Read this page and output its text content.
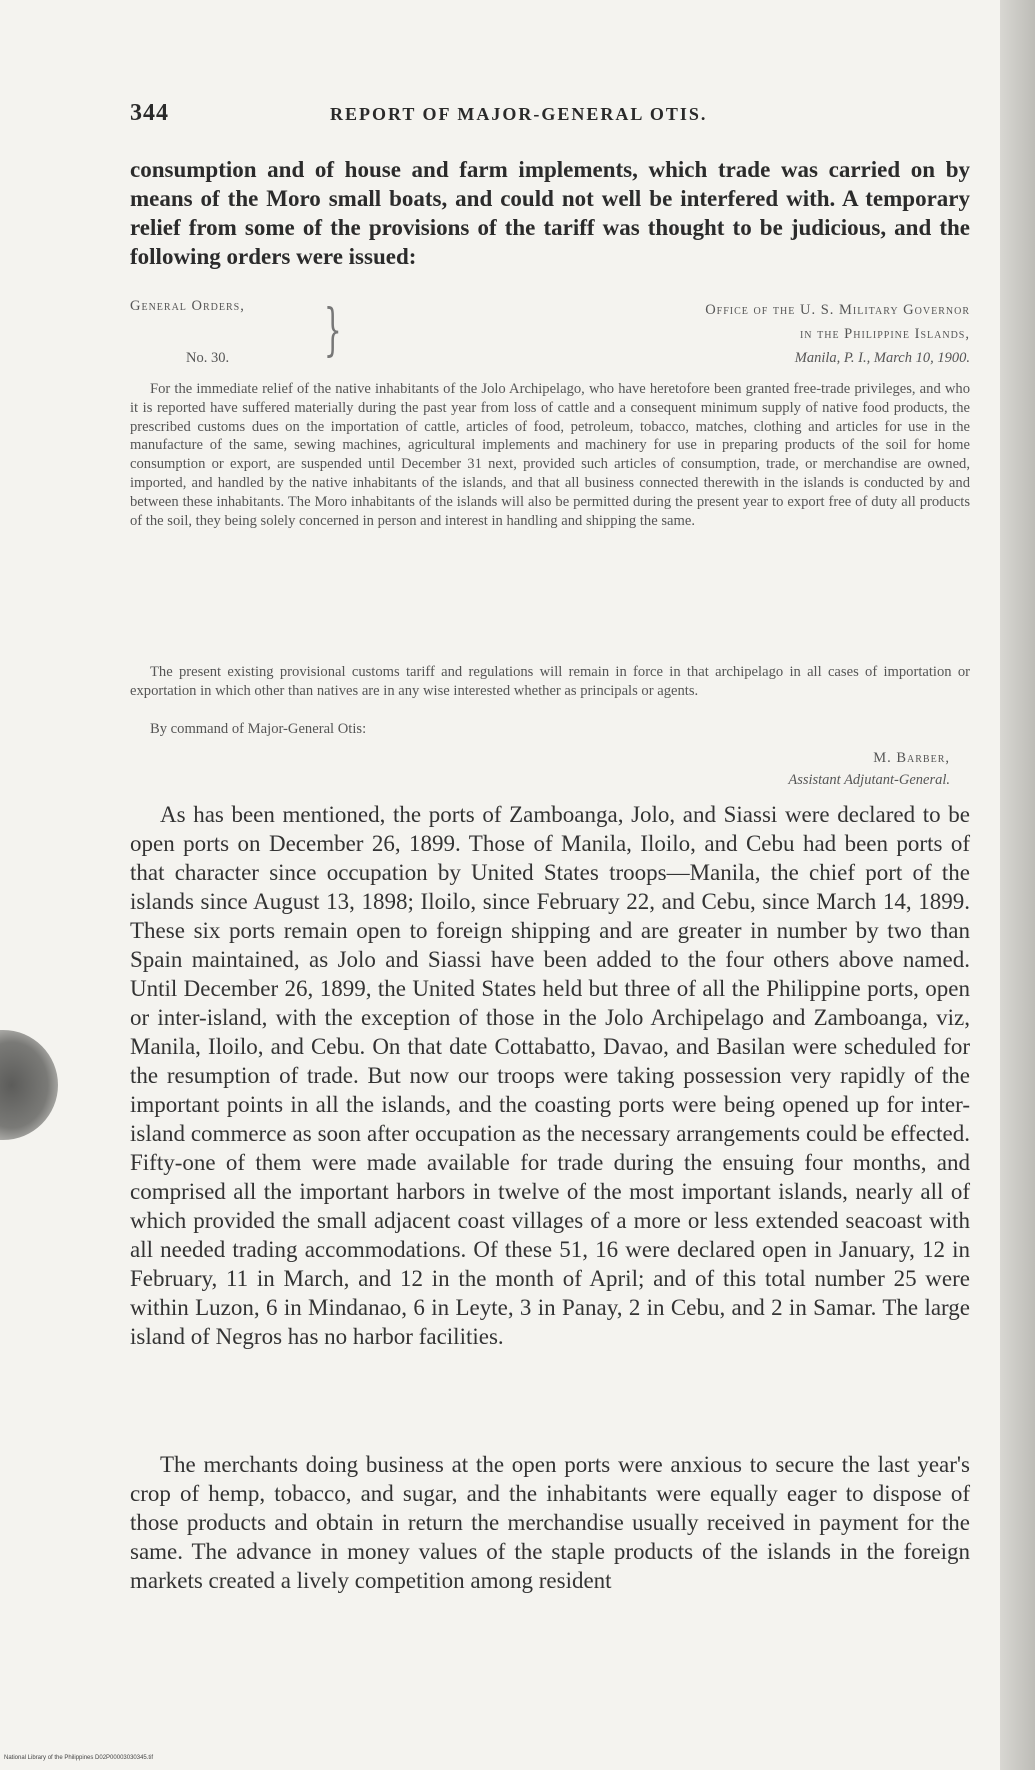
344	REPORT OF MAJOR-GENERAL OTIS.

consumption and of house and farm implements, which trade was carried on by means of the Moro small boats, and could not well be interfered with. A temporary relief from some of the provisions of the tariff was thought to be judicious, and the following orders were issued:

General Orders, }
No. 30.
Office of the U. S. Military Governor
in the Philippine Islands,
Manila, P. I., March 10, 1900.

For the immediate relief of the native inhabitants of the Jolo Archipelago, who have heretofore been granted free-trade privileges, and who it is reported have suffered materially during the past year from loss of cattle and a consequent minimum supply of native food products, the prescribed customs dues on the importation of cattle, articles of food, petroleum, tobacco, matches, clothing and articles for use in the manufacture of the same, sewing machines, agricultural implements and machinery for use in preparing products of the soil for home consumption or export, are suspended until December 31 next, provided such articles of consumption, trade, or merchandise are owned, imported, and handled by the native inhabitants of the islands, and that all business connected therewith in the islands is conducted by and between these inhabitants. The Moro inhabitants of the islands will also be permitted during the present year to export free of duty all products of the soil, they being solely concerned in person and interest in handling and shipping the same.

The present existing provisional customs tariff and regulations will remain in force in that archipelago in all cases of importation or exportation in which other than natives are in any wise interested whether as principals or agents.

By command of Major-General Otis:

M. Barber,
Assistant Adjutant-General.

As has been mentioned, the ports of Zamboanga, Jolo, and Siassi were declared to be open ports on December 26, 1899. Those of Manila, Iloilo, and Cebu had been ports of that character since occupation by United States troops—Manila, the chief port of the islands since August 13, 1898; Iloilo, since February 22, and Cebu, since March 14, 1899. These six ports remain open to foreign shipping and are greater in number by two than Spain maintained, as Jolo and Siassi have been added to the four others above named. Until December 26, 1899, the United States held but three of all the Philippine ports, open or inter-island, with the exception of those in the Jolo Archipelago and Zamboanga, viz, Manila, Iloilo, and Cebu. On that date Cottabatto, Davao, and Basilan were scheduled for the resumption of trade. But now our troops were taking possession very rapidly of the important points in all the islands, and the coasting ports were being opened up for inter-island commerce as soon after occupation as the necessary arrangements could be effected. Fifty-one of them were made available for trade during the ensuing four months, and comprised all the important harbors in twelve of the most important islands, nearly all of which provided the small adjacent coast villages of a more or less extended seacoast with all needed trading accommodations. Of these 51, 16 were declared open in January, 12 in February, 11 in March, and 12 in the month of April; and of this total number 25 were within Luzon, 6 in Mindanao, 6 in Leyte, 3 in Panay, 2 in Cebu, and 2 in Samar. The large island of Negros has no harbor facilities.

The merchants doing business at the open ports were anxious to secure the last year's crop of hemp, tobacco, and sugar, and the inhabitants were equally eager to dispose of those products and obtain in return the merchandise usually received in payment for the same. The advance in money values of the staple products of the islands in the foreign markets created a lively competition among resident

National Library of the Philippines D02P00003030345.tif
